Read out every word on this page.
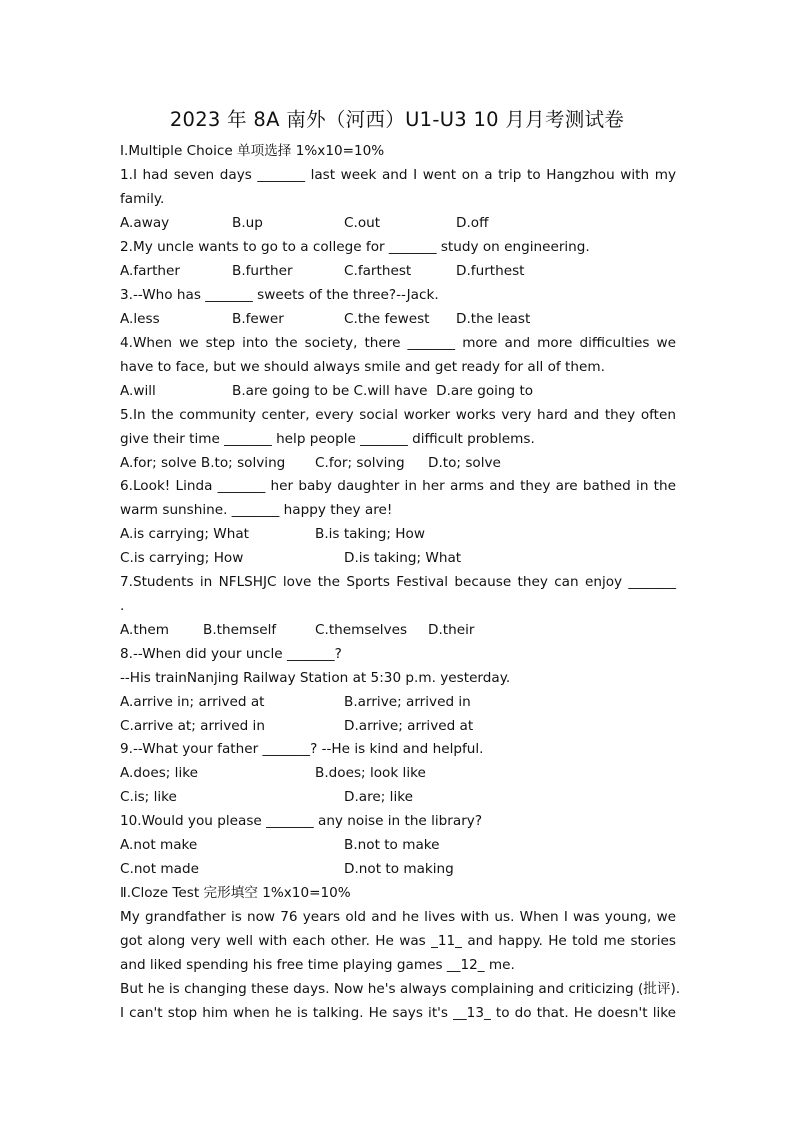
2023 年 8A 南外（河西）U1-U3 10 月月考测试卷
I.Multiple Choice 单项选择 1%x10=10%
1.I had seven days _______ last week and I went on a trip to Hangzhou with my
family.
A.away	B.up	C.out	D.off
2.My uncle wants to go to a college for _______ study on engineering.
A.farther	B.further	C.farthest	D.furthest
3.--Who has _______ sweets of the three?--Jack.
A.less	B.fewer	C.the fewest D.the least
4.When we step into the society, there _______ more and more difficulties we
have to face, but we should always smile and get ready for all of them.
A.will	B.are going to be C.will have  D.are going to
5.In the community center, every social worker works very hard and they often
give their time _______ help people _______ difficult problems.
A.for; solve B.to; solving C.for; solving D.to; solve
6.Look! Linda _______ her baby daughter in her arms and they are bathed in the
warm sunshine. _______ happy they are!
A.is carrying; What	B.is taking; How
C.is carrying; How	D.is taking; What
7.Students in NFLSHJC love the Sports Festival because they can enjoy _______
.
A.them	B.themself	C.themselves D.their
8.--When did your uncle _______?
--His trainNanjing Railway Station at 5:30 p.m. yesterday.
A.arrive in; arrived at	B.arrive; arrived in
C.arrive at; arrived in	D.arrive; arrived at
9.--What your father _______? --He is kind and helpful.
A.does; like	B.does; look like
C.is; like	D.are; like
10.Would you please _______ any noise in the library?
A.not make	B.not to make
C.not made	D.not to making
Ⅱ.Cloze Test 完形填空 1%x10=10%
My grandfather is now 76 years old and he lives with us. When I was young, we
got along very well with each other. He was _11_ and happy. He told me stories
and liked spending his free time playing games __12_ me.
But he is changing these days. Now he's always complaining and criticizing (批评).
I can't stop him when he is talking. He says it's __13_ to do that. He doesn't like
